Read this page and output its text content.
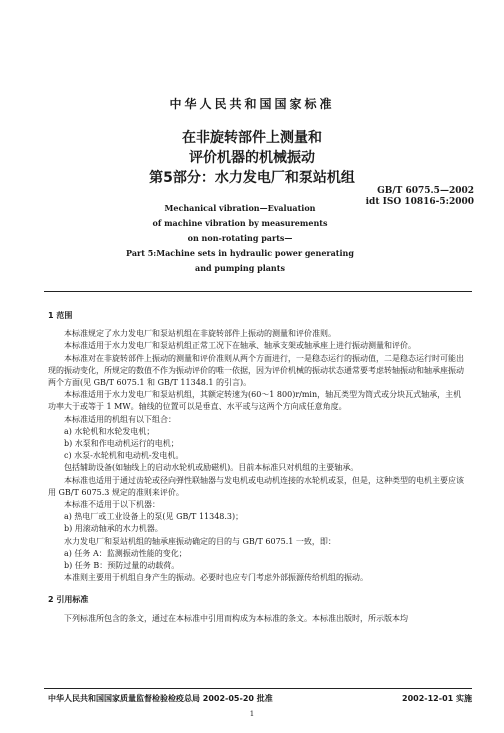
中华人民共和国国家标准
在非旋转部件上测量和
评价机器的机械振动
第5部分：水力发电厂和泵站机组
GB/T 6075.5—2002
idt ISO 10816-5:2000
Mechanical vibration—Evaluation
of machine vibration by measurements
on non-rotating parts—
Part 5:Machine sets in hydraulic power generating
and pumping plants
1 范围

本标准规定了水力发电厂和泵站机组在非旋转部件上振动的测量和评价准则。

本标准适用于水力发电厂和泵站机组正常工况下在轴承、轴承支架或轴承座上进行振动测量和评价。

本标准对在非旋转部件上振动的测量和评价准则从两个方面进行，一是稳态运行的振动值，二是稳态运行时可能出现的振动变化，所规定的数值不作为振动评价的唯一依据，因为评价机械的振动状态通常要考虑转轴振动和轴承座振动两个方面(见 GB/T 6075.1 和 GB/T 11348.1 的引言)。

本标准适用于水力发电厂和泵站机组，其额定转速为(60～1 800)r/min，轴瓦类型为筒式或分块瓦式轴承，主机功率大于或等于 1 MW。轴线的位置可以是垂直、水平或与这两个方向成任意角度。

本标准适用的机组有以下组合：

a) 水轮机和水轮发电机；

b) 水泵和作电动机运行的电机；

c) 水泵-水轮机和电动机-发电机。

包括辅助设备(如轴线上的启动水轮机或励磁机)。目前本标准只对机组的主要轴承。

本标准也适用于通过齿轮或径向弹性联轴器与发电机或电动机连接的水轮机或泵，但是，这种类型的电机主要应该用 GB/T 6075.3 规定的准则来评价。

本标准不适用于以下机器：

a) 热电厂或工业设备上的泵(见 GB/T 11348.3)；

b) 用滚动轴承的水力机器。

水力发电厂和泵站机组的轴承座振动确定的目的与 GB/T 6075.1 一致，即：

a) 任务 A：监测振动性能的变化；

b) 任务 B：预防过量的动载荷。

本准则主要用于机组自身产生的振动。必要时也应专门考虑外部振源传给机组的振动。

2 引用标准

下列标准所包含的条文，通过在本标准中引用而构成为本标准的条文。本标准出版时，所示版本均

中华人民共和国国家质量监督检验检疫总局 2002-05-20 批准	2002-12-01 实施
1
